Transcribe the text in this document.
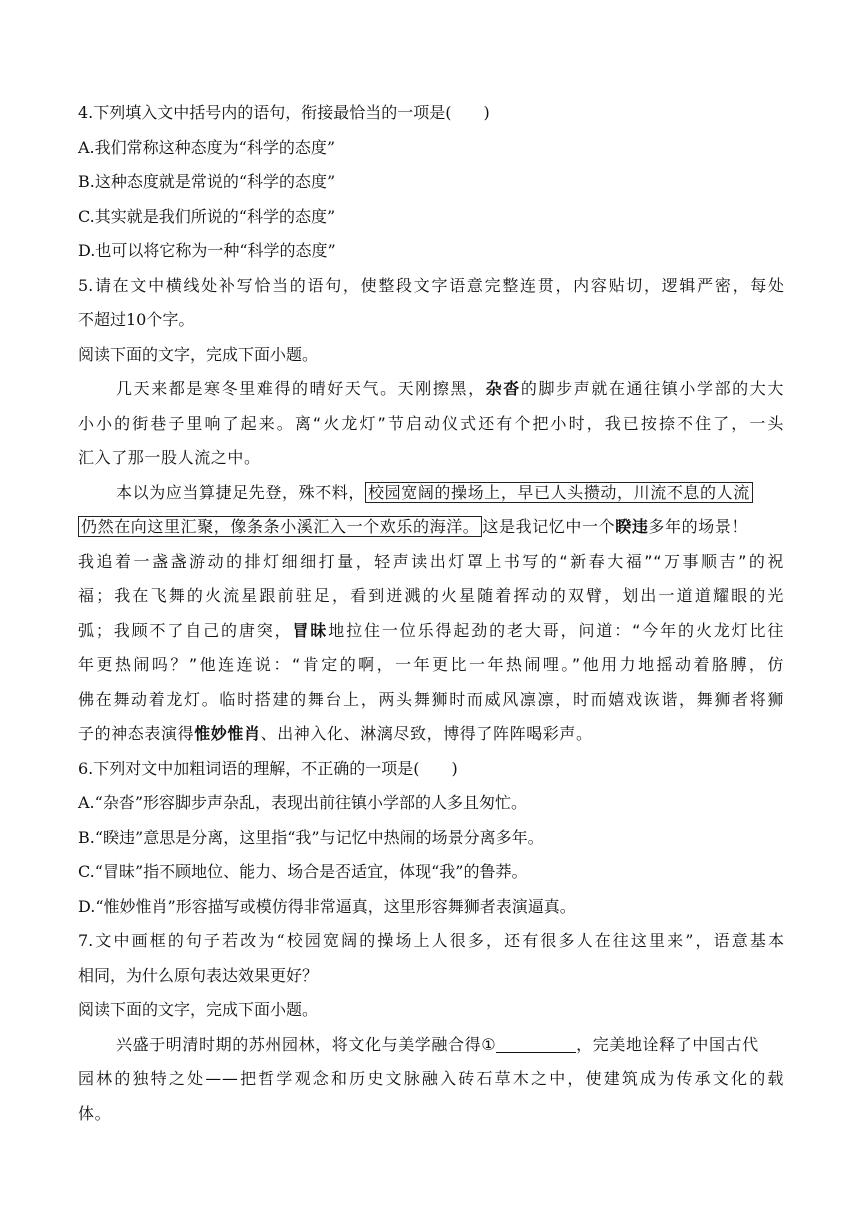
4.下列填入文中括号内的语句，衔接最恰当的一项是(　　)
A.我们常称这种态度为“科学的态度”
B.这种态度就是常说的“科学的态度”
C.其实就是我们所说的“科学的态度”
D.也可以将它称为一种“科学的态度”
5.请在文中横线处补写恰当的语句，使整段文字语意完整连贯，内容贴切，逻辑严密，每处
不超过10个字。
阅读下面的文字，完成下面小题。
几天来都是寒冬里难得的晴好天气。天刚擦黑，杂沓的脚步声就在通往镇小学部的大大
小小的街巷子里响了起来。离“火龙灯”节启动仪式还有个把小时，我已按捺不住了，一头
汇入了那一股人流之中。
本以为应当算捷足先登，殊不料， 校园宽阔的操场上，早已人头攒动，川流不息的人流
仍然在向这里汇聚，像条条小溪汇入一个欢乐的海洋。 这是我记忆中一个睽违多年的场景！
我追着一盏盏游动的排灯细细打量，轻声读出灯罩上书写的“新春大福”“万事顺吉”的祝
福；我在飞舞的火流星跟前驻足，看到迸溅的火星随着挥动的双臂，划出一道道耀眼的光
弧；我顾不了自己的唐突，冒昧地拉住一位乐得起劲的老大哥，问道：“今年的火龙灯比往
年更热闹吗？”他连连说：“肯定的啊，一年更比一年热闹哩。”他用力地摇动着胳膊，仿
佛在舞动着龙灯。临时搭建的舞台上，两头舞狮时而威风凛凛，时而嬉戏诙谐，舞狮者将狮
子的神态表演得惟妙惟肖、出神入化、淋漓尽致，博得了阵阵喝彩声。
6.下列对文中加粗词语的理解，不正确的一项是(　　)
A.“杂沓”形容脚步声杂乱，表现出前往镇小学部的人多且匆忙。
B.“睽违”意思是分离，这里指“我”与记忆中热闹的场景分离多年。
C.“冒昧”指不顾地位、能力、场合是否适宜，体现“我”的鲁莽。
D.“惟妙惟肖”形容描写或模仿得非常逼真，这里形容舞狮者表演逼真。
7.文中画框的句子若改为“校园宽阔的操场上人很多，还有很多人在往这里来”，语意基本
相同，为什么原句表达效果更好？
阅读下面的文字，完成下面小题。
兴盛于明清时期的苏州园林，将文化与美学融合得①	，完美地诠释了中国古代
园林的独特之处——把哲学观念和历史文脉融入砖石草木之中，使建筑成为传承文化的载
体。
